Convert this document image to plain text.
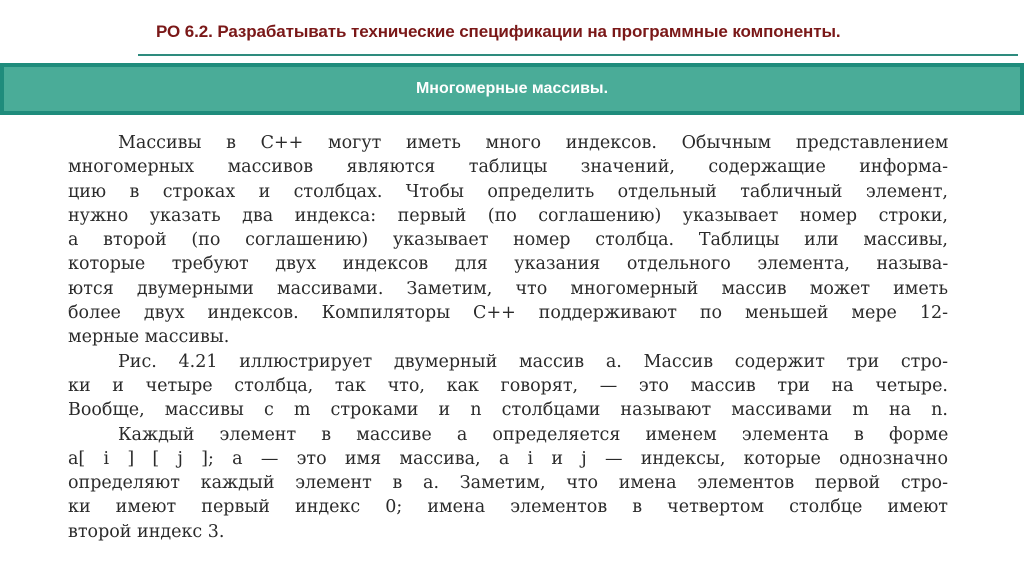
РО 6.2. Разрабатывать технические спецификации на программные компоненты.
Многомерные массивы.
Массивы в C++ могут иметь много индексов. Обычным представлением
многомерных массивов являются таблицы значений, содержащие информа-
цию в строках и столбцах. Чтобы определить отдельный табличный элемент,
нужно указать два индекса: первый (по соглашению) указывает номер строки,
а второй (по соглашению) указывает номер столбца. Таблицы или массивы,
которые требуют двух индексов для указания отдельного элемента, называ-
ются двумерными массивами. Заметим, что многомерный массив может иметь
более двух индексов. Компиляторы C++ поддерживают по меньшей мере 12-
мерные массивы.
Рис. 4.21 иллюстрирует двумерный массив a. Массив содержит три стро-
ки и четыре столбца, так что, как говорят, — это массив три на четыре.
Вообще, массивы с m строками и n столбцами называют массивами m на n.
Каждый элемент в массиве a определяется именем элемента в форме
a[ i ] [ j ]; a — это имя массива, a i и j — индексы, которые однозначно
определяют каждый элемент в a. Заметим, что имена элементов первой стро-
ки имеют первый индекс 0; имена элементов в четвертом столбце имеют
второй индекс 3.
